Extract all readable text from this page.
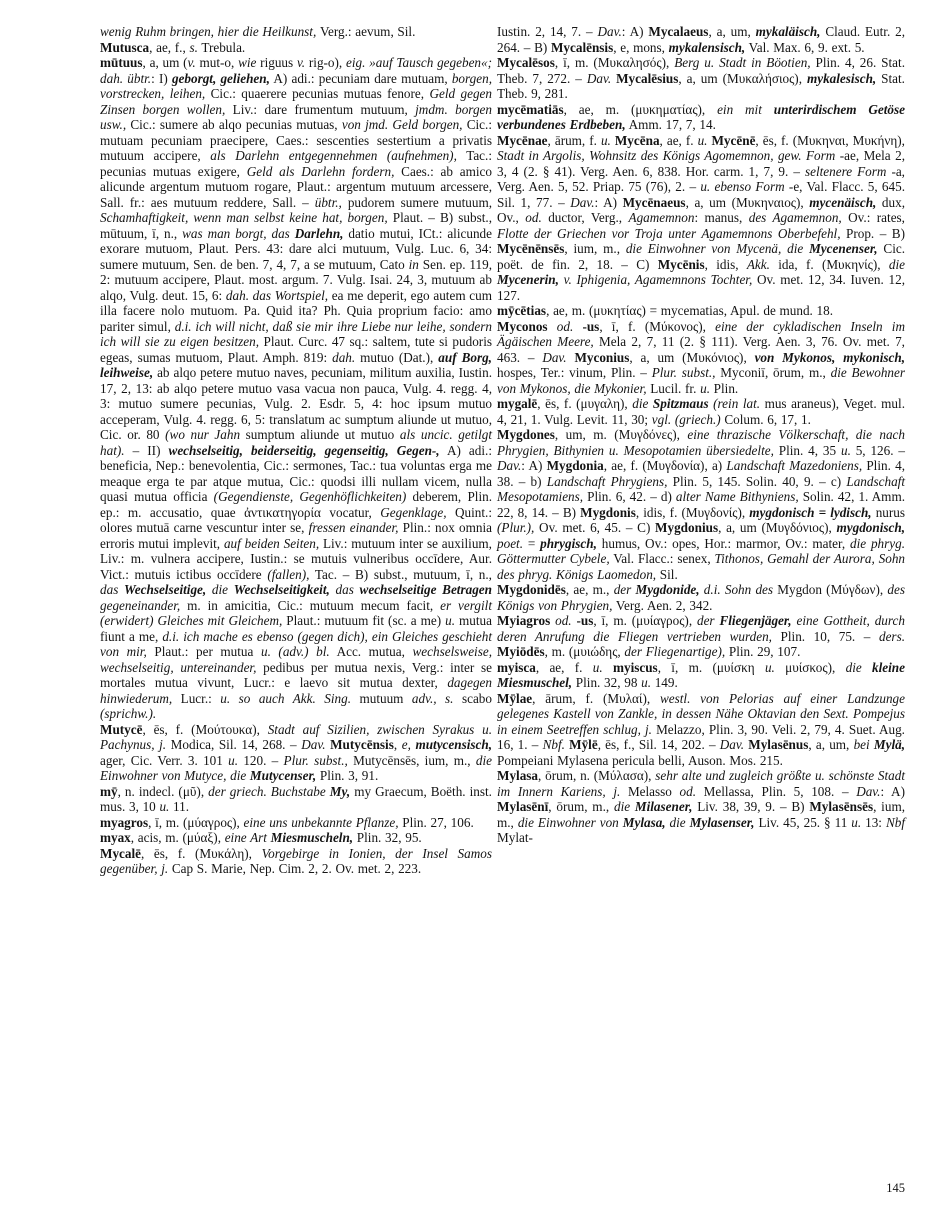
wenig Ruhm bringen, hier die Heilkunst, Verg.: aevum, Sil.

Mutusca, ae, f., s. Trebula.

mūtuus, a, um (v. mut-o, wie riguus v. rig-o), eig. »auf Tausch gegeben«; dah. übtr.: I) geborgt, geliehen, A) adi.: pecuniam dare mutuam, borgen, vorstrecken, leihen, Cic.: quaerere pecunias mutuas fenore, Geld gegen Zinsen borgen wollen, Liv.: dare frumentum mutuum, jmdm. borgen usw., Cic.: sumere ab alqo pecunias mutuas, von jmd. Geld borgen, Cic.: mutuam pecuniam praecipere, Caes.: sescenties sestertium a privatis mutuum accipere, als Darlehn entgegennehmen (aufnehmen), Tac.: pecunias mutuas exigere, Geld als Darlehn fordern, Caes.: ab amico alicunde argentum mutuom rogare, Plaut.: argentum mutuum arcessere, Sall. fr.: aes mutuum reddere, Sall. – übtr., pudorem sumere mutuum, Schamhaftigkeit, wenn man selbst keine hat, borgen, Plaut. – B) subst., mūtuum, ī, n., was man borgt, das Darlehn, datio mutui, ICt.: alicunde exorare mutuom, Plaut. Pers. 43: dare alci mutuum, Vulg. Luc. 6, 34: sumere mutuum, Sen. de ben. 7, 4, 7, a se mutuum, Cato in Sen. ep. 119, 2: mutuum accipere, Plaut. most. argum. 7. Vulg. Isai. 24, 3, mutuum ab alqo, Vulg. deut. 15, 6: dah. das Wortspiel, ea me deperit, ego autem cum illa facere nolo mutuom. Pa. Quid ita? Ph. Quia proprium facio: amo pariter simul, d.i. ich will nicht, daß sie mir ihre Liebe nur leihe, sondern ich will sie zu eigen besitzen, Plaut. Curc. 47 sq.: saltem, tute si pudoris egeas, sumas mutuom, Plaut. Amph. 819: dah. mutuo (Dat.), auf Borg, leihweise, ab alqo petere mutuo naves, pecuniam, militum auxilia, Iustin. 17, 2, 13: ab alqo petere mutuo vasa vacua non pauca, Vulg. 4. regg. 4, 3: mutuo sumere pecunias, Vulg. 2. Esdr. 5, 4: hoc ipsum mutuo acceperam, Vulg. 4. regg. 6, 5: translatum ac sumptum aliunde ut mutuo, Cic. or. 80 (wo nur Jahn sumptum aliunde ut mutuo als uncic. getilgt hat). – II) wechselseitig, beiderseitig, gegenseitig, Gegen-, A) adi.: beneficia, Nep.: benevolentia, Cic.: sermones, Tac.: tua voluntas erga me meaque erga te par atque mutua, Cic.: quodsi illi nullam vicem, nulla quasi mutua officia (Gegendienste, Gegenhöflichkeiten) deberem, Plin. ep.: m. accusatio, quae ἀντικατηγορία vocatur, Gegenklage, Quint.: olores mutuā carne vescuntur inter se, fressen einander, Plin.: nox omnia erroris mutui implevit, auf beiden Seiten, Liv.: mutuum inter se auxilium, Liv.: m. vulnera accipere, Iustin.: se mutuis vulneribus occīdere, Aur. Vict.: mutuis ictibus occīdere (fallen), Tac. – B) subst., mutuum, ī, n., das Wechselseitige, die Wechselseitigkeit, das wechselseitige Betragen gegeneinander, m. in amicitia, Cic.: mutuum mecum facit, er vergilt (erwidert) Gleiches mit Gleichem, Plaut.: mutuum fit (sc. a me) u. mutua fiunt a me, d.i. ich mache es ebenso (gegen dich), ein Gleiches geschieht von mir, Plaut.: per mutua u. (adv.) bl. Acc. mutua, wechselsweise, wechselseitig, untereinander, pedibus per mutua nexis, Verg.: inter se mortales mutua vivunt, Lucr.: e laevo sit mutua dexter, dagegen hinwiederum, Lucr.: u. so auch Akk. Sing. mutuum adv., s. scabo (sprichw.).

Mutycē, ēs, f. (Μούτουκα), Stadt auf Sizilien, zwischen Syrakus u. Pachynus, j. Modica, Sil. 14, 268. – Dav. Mutycēnsis, e, mutycensisch, ager, Cic. Verr. 3. 101 u. 120. – Plur. subst., Mutycēnsēs, ium, m., die Einwohner von Mutyce, die Mutycenser, Plin. 3, 91.

mȳ, n. indecl. (μῦ), der griech. Buchstabe My, my Graecum, Boëth. inst. mus. 3, 10 u. 11.

myagros, ī, m. (μύαγρος), eine uns unbekannte Pflanze, Plin. 27, 106.

myax, acis, m. (μύαξ), eine Art Miesmuscheln, Plin. 32, 95.

Mycalē, ēs, f. (Μυκάλη), Vorgebirge in Ionien, der Insel Samos gegenüber, j. Cap S. Marie, Nep. Cim. 2, 2. Ov. met. 2, 223.

Iustin. 2, 14, 7. – Dav.: A) Mycalaeus, a, um, mykaläisch, Claud. Eutr. 2, 264. – B) Mycalēnsis, e, mons, mykalensisch, Val. Max. 6, 9. ext. 5.

Mycalēsos, ī, m. (Μυκαλησός), Berg u. Stadt in Böotien, Plin. 4, 26. Stat. Theb. 7, 272. – Dav. Mycalēsius, a, um (Μυκαλήσιος), mykalesisch, Stat. Theb. 9, 281.

mycēmatiās, ae, m. (μυκηματίας), ein mit unterirdischem Getöse verbundenes Erdbeben, Amm. 17, 7, 14.

Mycēnae, ārum, f. u. Mycēna, ae, f. u. Mycēnē, ēs, f. (Μυκηναι, Μυκήνη), Stadt in Argolis, Wohnsitz des Königs Agomemnon, gew. Form -ae, Mela 2, 3, 4 (2. § 41). Verg. Aen. 6, 838. Hor. carm. 1, 7, 9. – seltenere Form -a, Verg. Aen. 5, 52. Priap. 75 (76), 2. – u. ebenso Form -e, Val. Flacc. 5, 645. Sil. 1, 77. – Dav.: A) Mycēnaeus, a, um (Μυκηναιος), mycenäisch, dux, Ov., od. ductor, Verg., Agamemnon: manus, des Agamemnon, Ov.: rates, Flotte der Griechen vor Troja unter Agamemnons Oberbefehl, Prop. – B) Mycēnēnsēs, ium, m., die Einwohner von Mycenä, die Mycenenser, Cic. poët. de fin. 2, 18. – C) Mycēnis, idis, Akk. ida, f. (Μυκηνίς), die Mycenerin, v. Iphigenia, Agamemnons Tochter, Ov. met. 12, 34. Iuven. 12, 127.

mȳcētias, ae, m. (μυκητίας) = mycematias, Apul. de mund. 18.

Myconos od. -us, ī, f. (Μύκονος), eine der cykladischen Inseln im Ägäischen Meere, Mela 2, 7, 11 (2. § 111). Verg. Aen. 3, 76. Ov. met. 7, 463. – Dav. Myconius, a, um (Μυκόνιος), von Mykonos, mykonisch, hospes, Ter.: vinum, Plin. – Plur. subst., Myconiī, ōrum, m., die Bewohner von Mykonos, die Mykonier, Lucil. fr. u. Plin.

mygalē, ēs, f. (μυγαλη), die Spitzmaus (rein lat. mus araneus), Veget. mul. 4, 21, 1. Vulg. Levit. 11, 30; vgl. (griech.) Colum. 6, 17, 1.

Mygdones, um, m. (Μυγδόνες), eine thrazische Völkerschaft, die nach Phrygien, Bithynien u. Mesopotamien übersiedelte, Plin. 4, 35 u. 5, 126. – Dav.: A) Mygdonia, ae, f. (Μυγδονία), a) Landschaft Mazedoniens, Plin. 4, 38. – b) Landschaft Phrygiens, Plin. 5, 145. Solin. 40, 9. – c) Landschaft Mesopotamiens, Plin. 6, 42. – d) alter Name Bithyniens, Solin. 42, 1. Amm. 22, 8, 14. – B) Mygdonis, idis, f. (Μυγδονίς), mygdonisch = lydisch, nurus (Plur.), Ov. met. 6, 45. – C) Mygdonius, a, um (Μυγδόνιος), mygdonisch, poet. = phrygisch, humus, Ov.: opes, Hor.: marmor, Ov.: mater, die phryg. Göttermutter Cybele, Val. Flacc.: senex, Tithonos, Gemahl der Aurora, Sohn des phryg. Königs Laomedon, Sil.

Mygdonidēs, ae, m., der Mygdonide, d.i. Sohn des Mygdon (Μύγδων), des Königs von Phrygien, Verg. Aen. 2, 342.

Myiagros od. -us, ī, m. (μυίαγρος), der Fliegenjäger, eine Gottheit, durch deren Anrufung die Fliegen vertrieben wurden, Plin. 10, 75. – ders. Myiōdēs, m. (μυιώδης, der Fliegenartige), Plin. 29, 107.

myisca, ae, f. u. myiscus, ī, m. (μυίσκη u. μυίσκος), die kleine Miesmuschel, Plin. 32, 98 u. 149.

Mȳlae, ārum, f. (Μυλαί), westl. von Pelorias auf einer Landzunge gelegenes Kastell von Zankle, in dessen Nähe Oktavian den Sext. Pompejus in einem Seetreffen schlug, j. Melazzo, Plin. 3, 90. Veli. 2, 79, 4. Suet. Aug. 16, 1. – Nbf. Mȳlē, ēs, f., Sil. 14, 202. – Dav. Mylasēnus, a, um, bei Mylä, Pompeiani Mylasena pericula belli, Auson. Mos. 215.

Mylasa, ōrum, n. (Μύλασα), sehr alte und zugleich größte u. schönste Stadt im Innern Kariens, j. Melasso od. Mellassa, Plin. 5, 108. – Dav.: A) Mylasēnī, ōrum, m., die Milasener, Liv. 38, 39, 9. – B) Mylasēnsēs, ium, m., die Einwohner von Mylasa, die Mylasenser, Liv. 45, 25. § 11 u. 13: Nbf Mylat-

145
